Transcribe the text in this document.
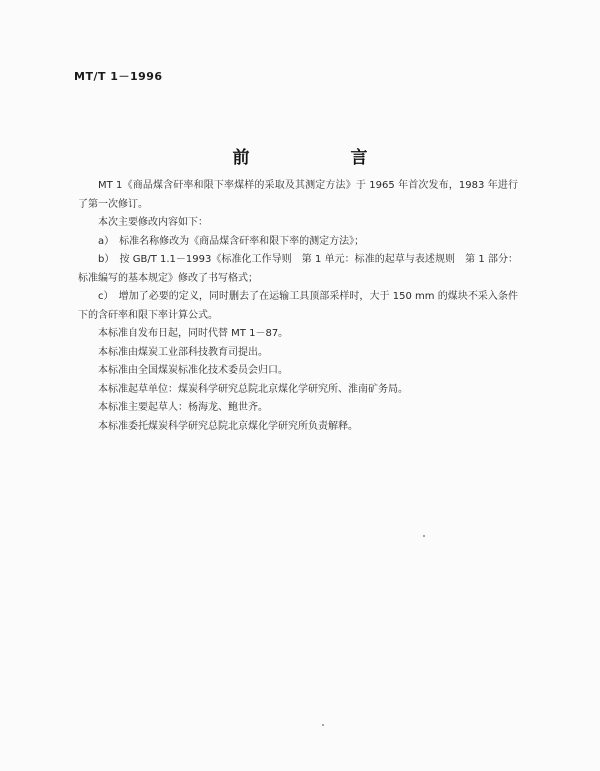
MT/T 1－1996
前　言

MT 1《商品煤含矸率和限下率煤样的采取及其测定方法》于 1965 年首次发布，1983 年进行了第一次修订。

本次主要修改内容如下：

a）　标准名称修改为《商品煤含矸率和限下率的测定方法》；

b）　按 GB/T 1.1－1993《标准化工作导则　第 1 单元：标准的起草与表述规则　第 1 部分：标准编写的基本规定》修改了书写格式；

c）　增加了必要的定义，同时删去了在运输工具顶部采样时，大于 150 mm 的煤块不采入条件下的含矸率和限下率计算公式。

本标准自发布日起，同时代替 MT 1－87。

本标准由煤炭工业部科技教育司提出。

本标准由全国煤炭标准化技术委员会归口。

本标准起草单位：煤炭科学研究总院北京煤化学研究所、淮南矿务局。

本标准主要起草人：杨海龙、鲍世齐。

本标准委托煤炭科学研究总院北京煤化学研究所负责解释。
